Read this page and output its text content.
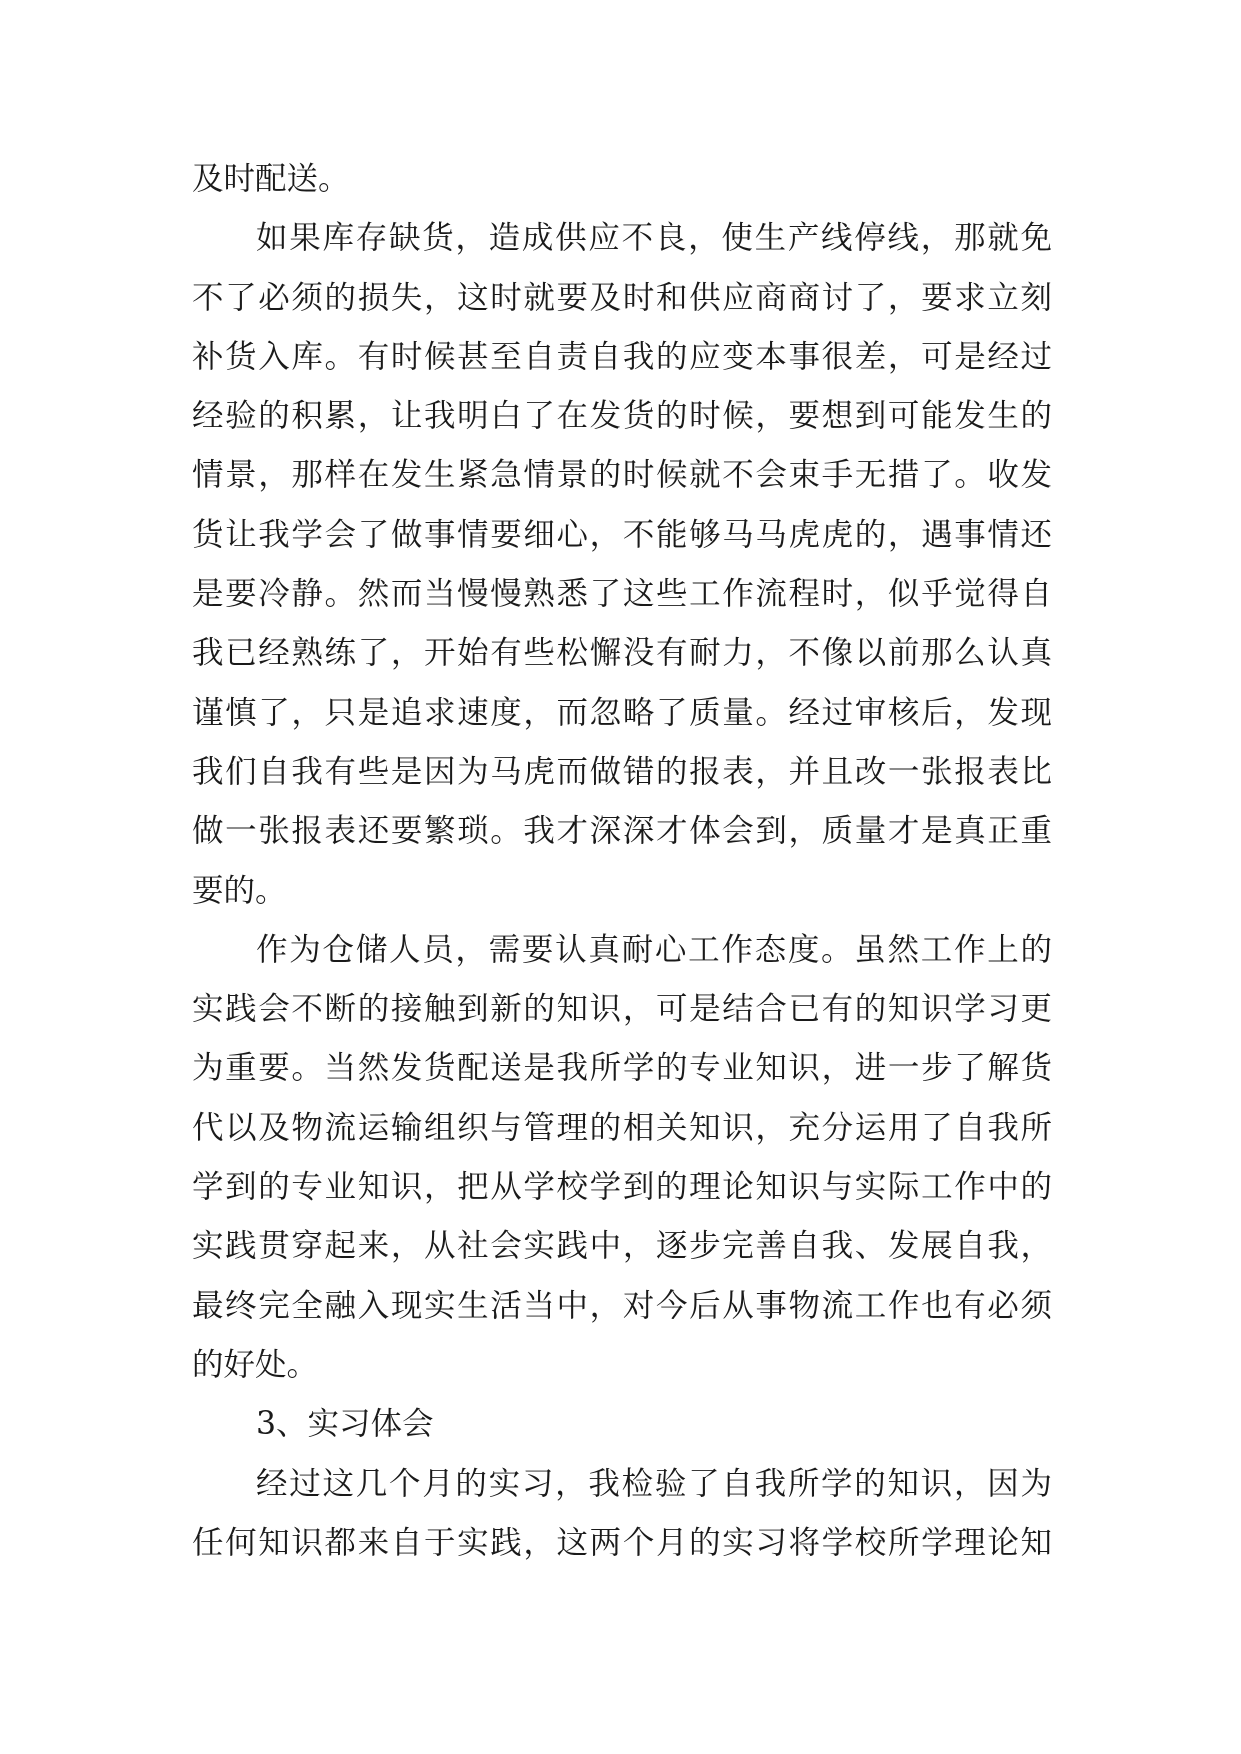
及时配送。
如果库存缺货，造成供应不良，使生产线停线，那就免
不了必须的损失，这时就要及时和供应商商讨了，要求立刻
补货入库。有时候甚至自责自我的应变本事很差，可是经过
经验的积累，让我明白了在发货的时候，要想到可能发生的
情景，那样在发生紧急情景的时候就不会束手无措了。收发
货让我学会了做事情要细心，不能够马马虎虎的，遇事情还
是要冷静。然而当慢慢熟悉了这些工作流程时，似乎觉得自
我已经熟练了，开始有些松懈没有耐力，不像以前那么认真
谨慎了，只是追求速度，而忽略了质量。经过审核后，发现
我们自我有些是因为马虎而做错的报表，并且改一张报表比
做一张报表还要繁琐。我才深深才体会到，质量才是真正重
要的。
作为仓储人员，需要认真耐心工作态度。虽然工作上的
实践会不断的接触到新的知识，可是结合已有的知识学习更
为重要。当然发货配送是我所学的专业知识，进一步了解货
代以及物流运输组织与管理的相关知识，充分运用了自我所
学到的专业知识，把从学校学到的理论知识与实际工作中的
实践贯穿起来，从社会实践中，逐步完善自我、发展自我，
最终完全融入现实生活当中，对今后从事物流工作也有必须
的好处。
3、实习体会
经过这几个月的实习，我检验了自我所学的知识，因为
任何知识都来自于实践，这两个月的实习将学校所学理论知
